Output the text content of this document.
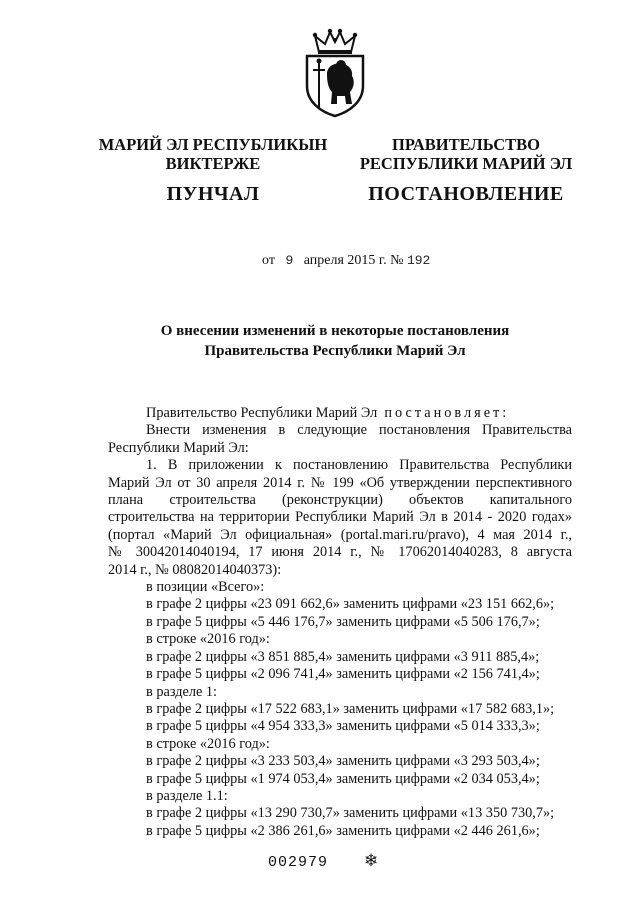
МАРИЙ ЭЛ РЕСПУБЛИКЫН
ВИКТЕРЖЕ
ПУНЧАЛ
ПРАВИТЕЛЬСТВО
РЕСПУБЛИКИ МАРИЙ ЭЛ
ПОСТАНОВЛЕНИЕ
от 9 апреля 2015 г. № 192
О внесении изменений в некоторые постановления
Правительства Республики Марий Эл

Правительство Республики Марий Эл постановляет:

Внести изменения в следующие постановления Правительства

Республики Марий Эл:

1. В приложении к постановлению Правительства Республики

Марий Эл от 30 апреля 2014 г. № 199 «Об утверждении перспективного

плана строительства (реконструкции) объектов капитального

строительства на территории Республики Марий Эл в 2014 - 2020 годах»

(портал «Марий Эл официальная» (portal.mari.ru/pravo), 4 мая 2014 г.,

№ 30042014040194, 17 июня 2014 г., № 17062014040283, 8 августа

2014 г., № 08082014040373):

в позиции «Всего»:

в графе 2 цифры «23 091 662,6» заменить цифрами «23 151 662,6»;

в графе 5 цифры «5 446 176,7» заменить цифрами «5 506 176,7»;

в строке «2016 год»:

в графе 2 цифры «3 851 885,4» заменить цифрами «3 911 885,4»;

в графе 5 цифры «2 096 741,4» заменить цифрами «2 156 741,4»;

в разделе 1:

в графе 2 цифры «17 522 683,1» заменить цифрами «17 582 683,1»;

в графе 5 цифры «4 954 333,3» заменить цифрами «5 014 333,3»;

в строке «2016 год»:

в графе 2 цифры «3 233 503,4» заменить цифрами «3 293 503,4»;

в графе 5 цифры «1 974 053,4» заменить цифрами «2 034 053,4»;

в разделе 1.1:

в графе 2 цифры «13 290 730,7» заменить цифрами «13 350 730,7»;

в графе 5 цифры «2 386 261,6» заменить цифрами «2 446 261,6»;

002979 ❄
